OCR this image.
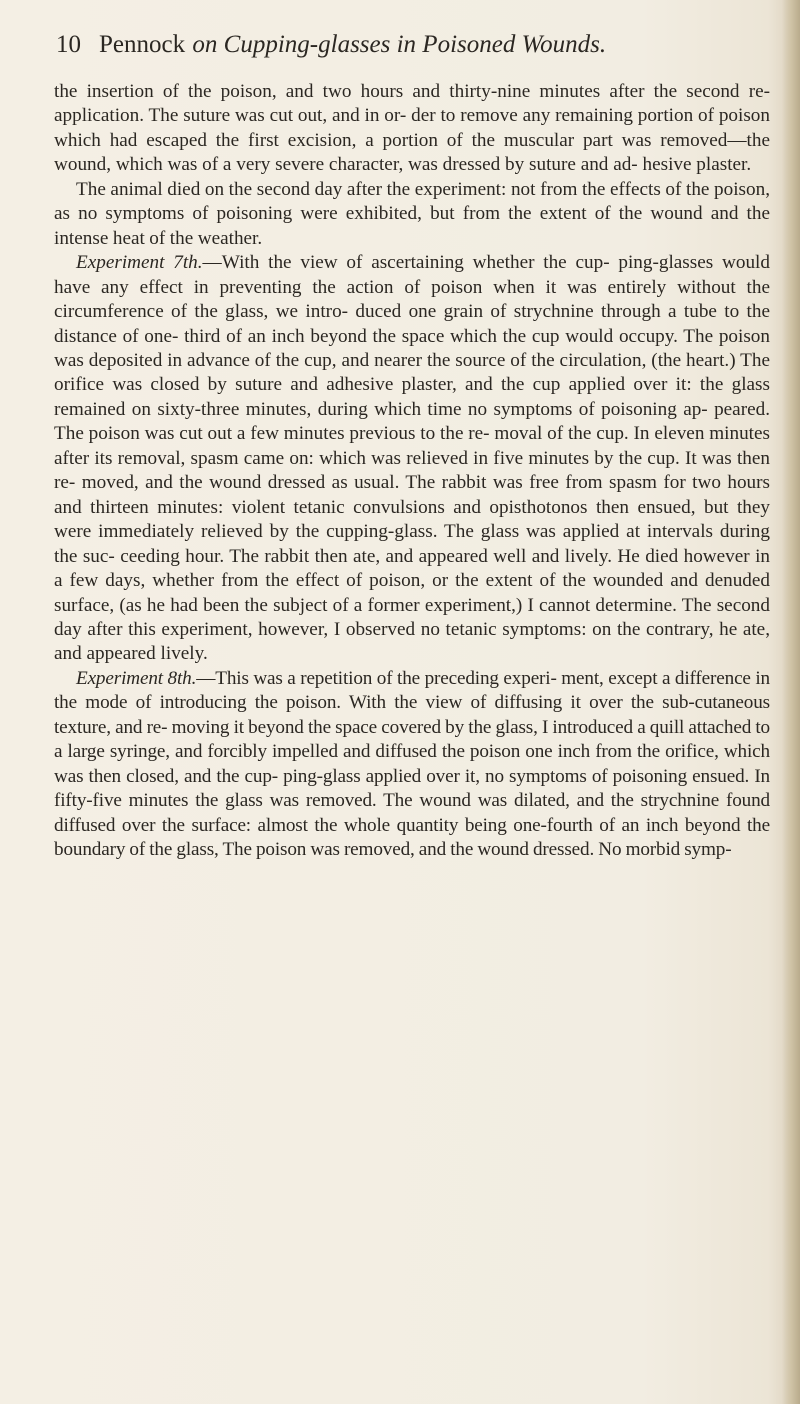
10 Pennock on Cupping-glasses in Poisoned Wounds.

the insertion of the poison, and two hours and thirty-nine minutes after the second re-application. The suture was cut out, and in or- der to remove any remaining portion of poison which had escaped the first excision, a portion of the muscular part was removed—the wound, which was of a very severe character, was dressed by suture and ad- hesive plaster.

The animal died on the second day after the experiment: not from the effects of the poison, as no symptoms of poisoning were exhibited, but from the extent of the wound and the intense heat of the weather.

Experiment 7th.—With the view of ascertaining whether the cup- ping-glasses would have any effect in preventing the action of poison when it was entirely without the circumference of the glass, we intro- duced one grain of strychnine through a tube to the distance of one- third of an inch beyond the space which the cup would occupy. The poison was deposited in advance of the cup, and nearer the source of the circulation, (the heart.) The orifice was closed by suture and adhesive plaster, and the cup applied over it: the glass remained on sixty-three minutes, during which time no symptoms of poisoning ap- peared. The poison was cut out a few minutes previous to the re- moval of the cup. In eleven minutes after its removal, spasm came on: which was relieved in five minutes by the cup. It was then re- moved, and the wound dressed as usual. The rabbit was free from spasm for two hours and thirteen minutes: violent tetanic convulsions and opisthotonos then ensued, but they were immediately relieved by the cupping-glass. The glass was applied at intervals during the suc- ceeding hour. The rabbit then ate, and appeared well and lively. He died however in a few days, whether from the effect of poison, or the extent of the wounded and denuded surface, (as he had been the subject of a former experiment,) I cannot determine. The second day after this experiment, however, I observed no tetanic symptoms: on the contrary, he ate, and appeared lively.

Experiment 8th.—This was a repetition of the preceding experi- ment, except a difference in the mode of introducing the poison. With the view of diffusing it over the sub-cutaneous texture, and re- moving it beyond the space covered by the glass, I introduced a quill attached to a large syringe, and forcibly impelled and diffused the poison one inch from the orifice, which was then closed, and the cup- ping-glass applied over it, no symptoms of poisoning ensued. In fifty-five minutes the glass was removed. The wound was dilated, and the strychnine found diffused over the surface: almost the whole quantity being one-fourth of an inch beyond the boundary of the glass, The poison was removed, and the wound dressed. No morbid symp-
